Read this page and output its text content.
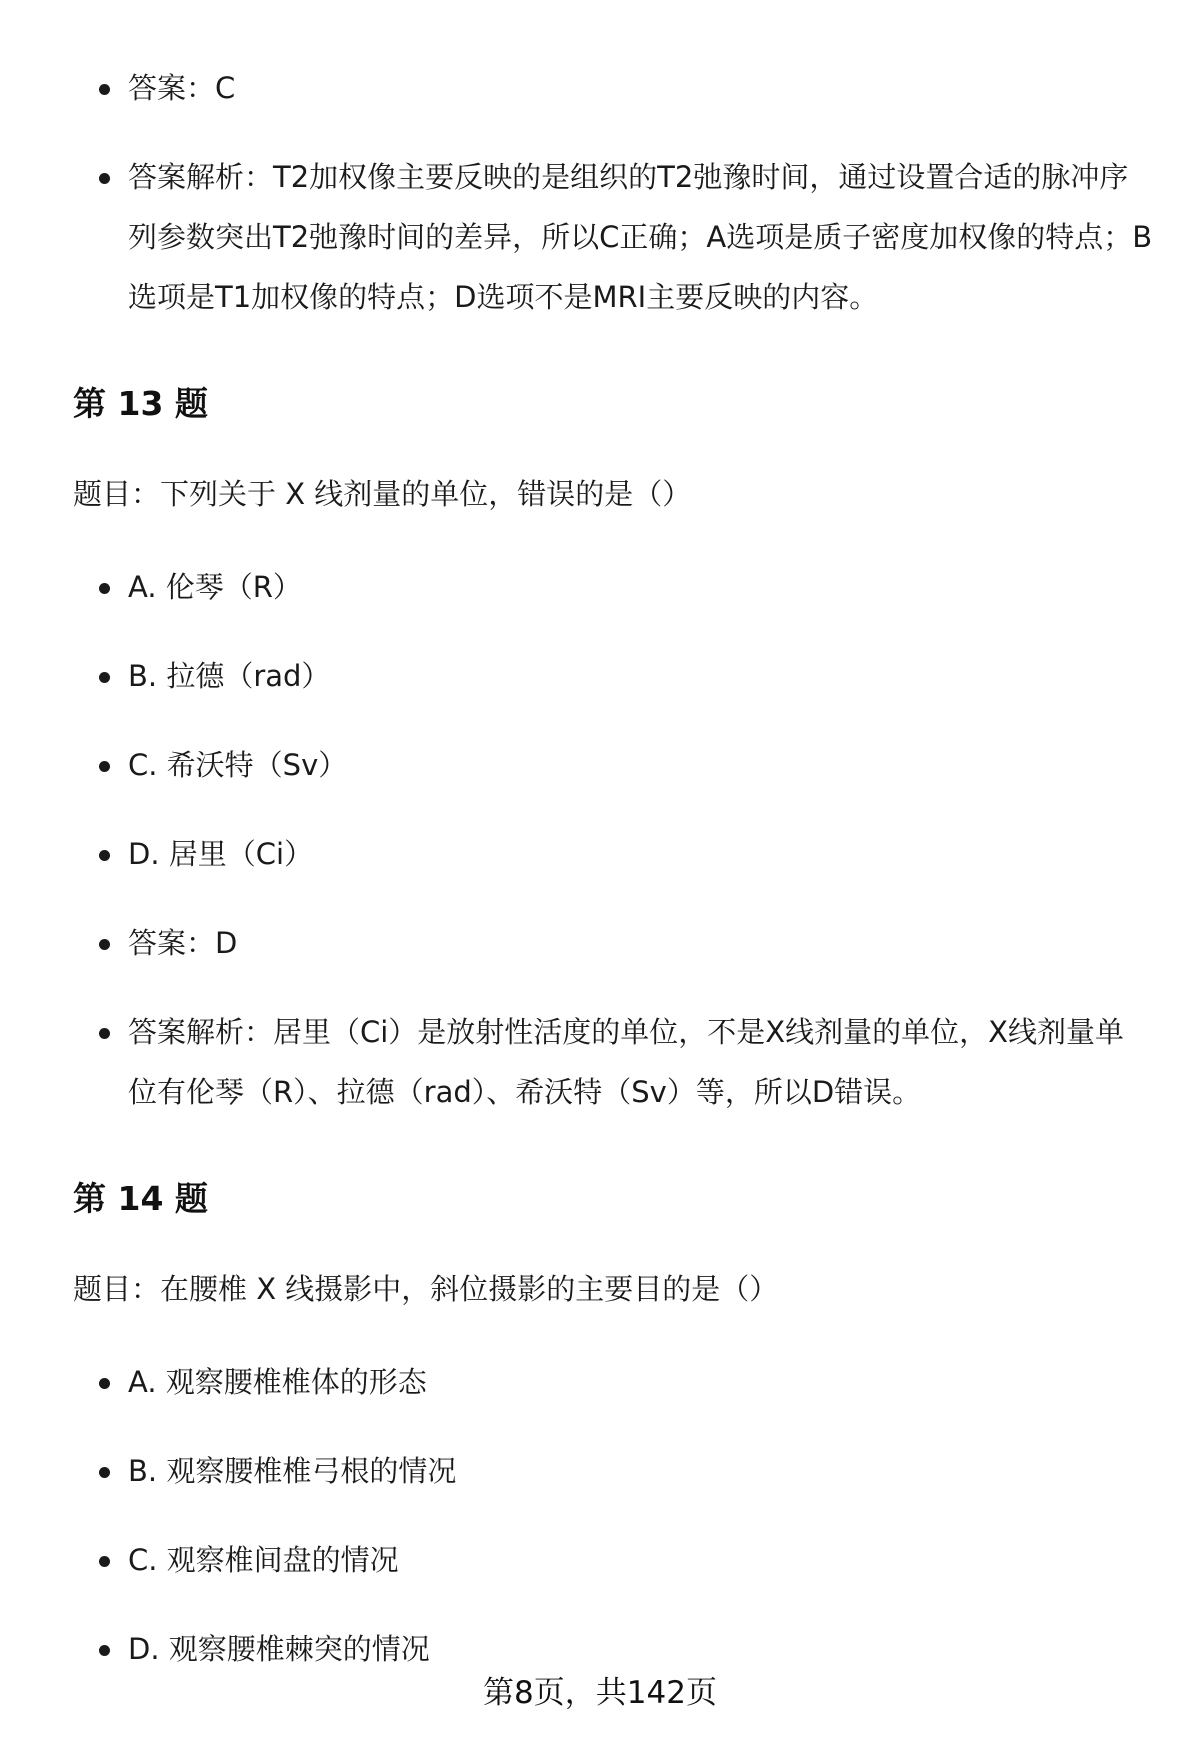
答案：C
答案解析：T2加权像主要反映的是组织的T2弛豫时间，通过设置合适的脉冲序列参数突出T2弛豫时间的差异，所以C正确；A选项是质子密度加权像的特点；B选项是T1加权像的特点；D选项不是MRI主要反映的内容。
第 13 题
题目：下列关于 X 线剂量的单位，错误的是（）
A. 伦琴（R）
B. 拉德（rad）
C. 希沃特（Sv）
D. 居里（Ci）
答案：D
答案解析：居里（Ci）是放射性活度的单位，不是X线剂量的单位，X线剂量单位有伦琴（R）、拉德（rad）、希沃特（Sv）等，所以D错误。
第 14 题
题目：在腰椎 X 线摄影中，斜位摄影的主要目的是（）
A. 观察腰椎椎体的形态
B. 观察腰椎椎弓根的情况
C. 观察椎间盘的情况
D. 观察腰椎棘突的情况
第8页，共142页
